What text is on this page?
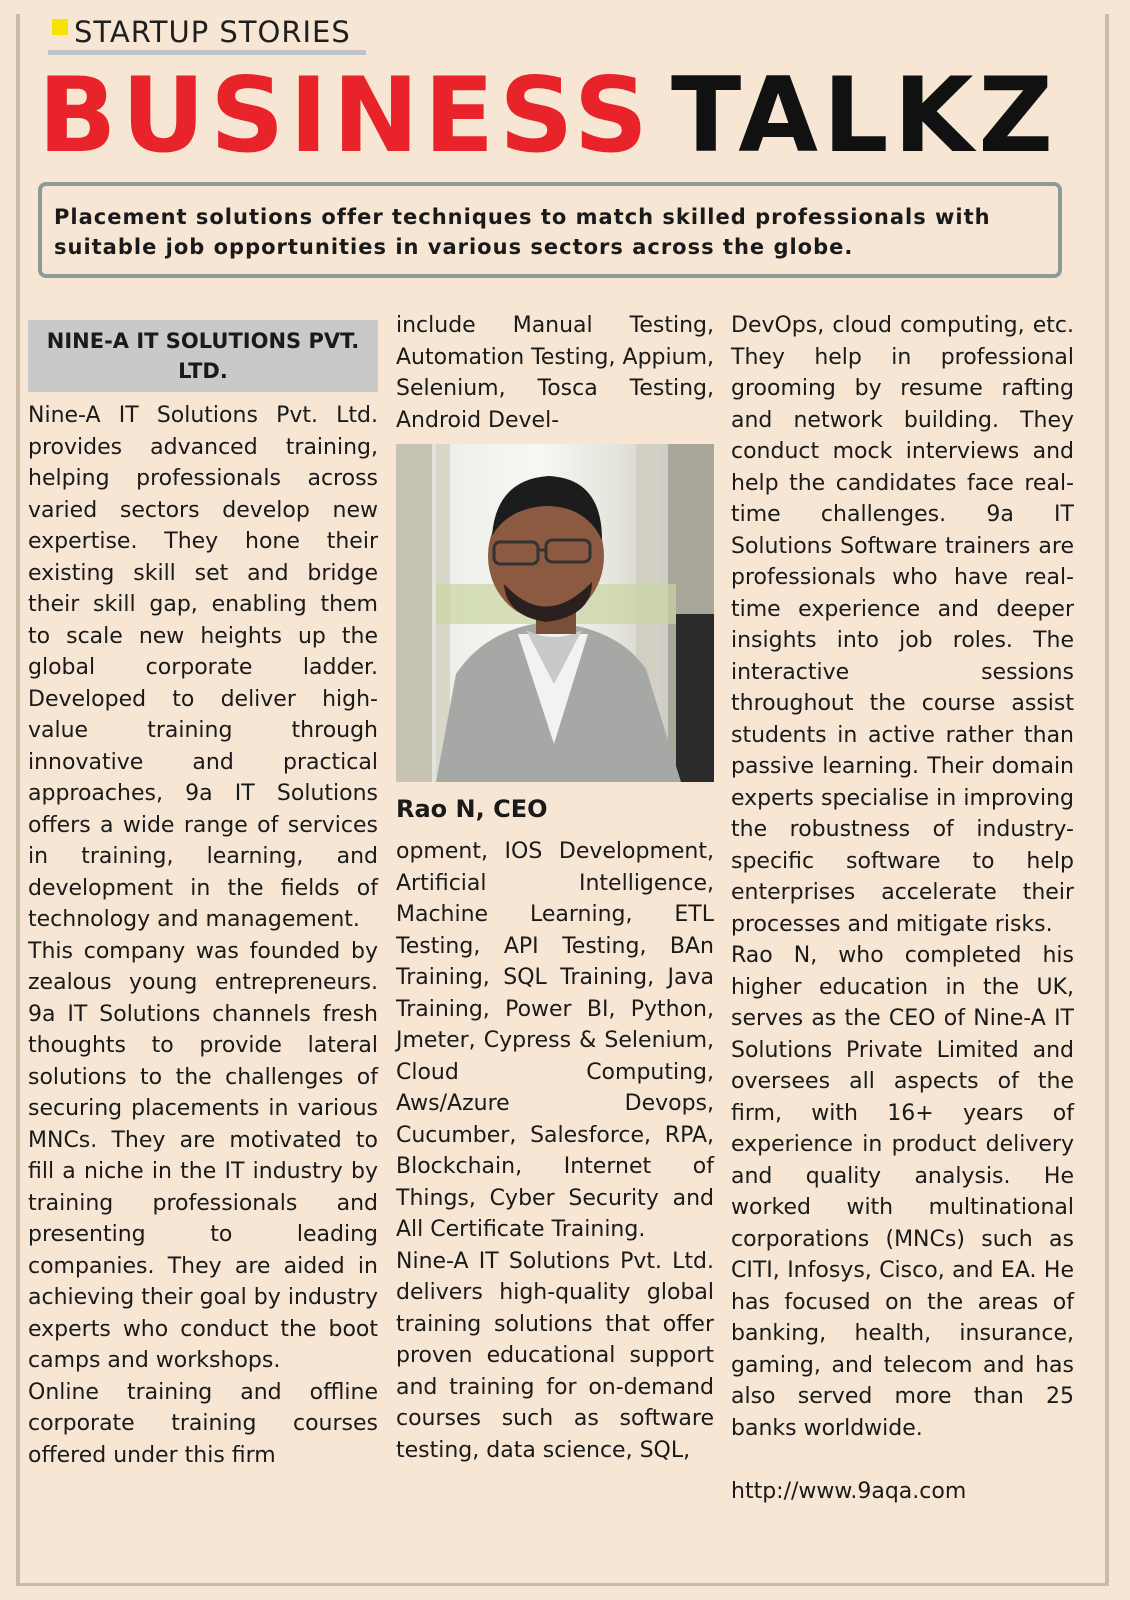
STARTUP STORIES
BUSINESS TALKZ
Placement solutions offer techniques to match skilled professionals with suitable job opportunities in various sectors across the globe.
NINE-A IT SOLUTIONS PVT. LTD.

Nine-A IT Solutions Pvt. Ltd. provides advanced training, helping professionals across varied sectors develop new expertise. They hone their existing skill set and bridge their skill gap, enabling them to scale new heights up the global corporate ladder. Developed to deliver high-value training through innovative and practical approaches, 9a IT Solutions offers a wide range of services in training, learning, and development in the fields of technology and management.

This company was founded by zealous young entrepreneurs. 9a IT Solutions channels fresh thoughts to provide lateral solutions to the challenges of securing placements in various MNCs. They are motivated to fill a niche in the IT industry by training professionals and presenting to leading companies. They are aided in achieving their goal by industry experts who conduct the boot camps and workshops.

Online training and offline corporate training courses offered under this firm

include Manual Testing, Automation Testing, Appium, Selenium, Tosca Testing, Android Devel-

Rao N, CEO

opment, IOS Development, Artificial Intelligence, Machine Learning, ETL Testing, API Testing, BAn Training, SQL Training, Java Training, Power BI, Python, Jmeter, Cypress & Selenium, Cloud Computing, Aws/Azure Devops, Cucumber, Salesforce, RPA, Blockchain, Internet of Things, Cyber Security and All Certificate Training.

Nine-A IT Solutions Pvt. Ltd. delivers high-quality global training solutions that offer proven educational support and training for on-demand courses such as software testing, data science, SQL,

DevOps, cloud computing, etc. They help in professional grooming by resume rafting and network building. They conduct mock interviews and help the candidates face real-time challenges. 9a IT Solutions Software trainers are professionals who have real-time experience and deeper insights into job roles. The interactive sessions throughout the course assist students in active rather than passive learning. Their domain experts specialise in improving the robustness of industry-specific software to help enterprises accelerate their processes and mitigate risks.

Rao N, who completed his higher education in the UK, serves as the CEO of Nine-A IT Solutions Private Limited and oversees all aspects of the firm, with 16+ years of experience in product delivery and quality analysis. He worked with multinational corporations (MNCs) such as CITI, Infosys, Cisco, and EA. He has focused on the areas of banking, health, insurance, gaming, and telecom and has also served more than 25 banks worldwide.

http://www.9aqa.com
